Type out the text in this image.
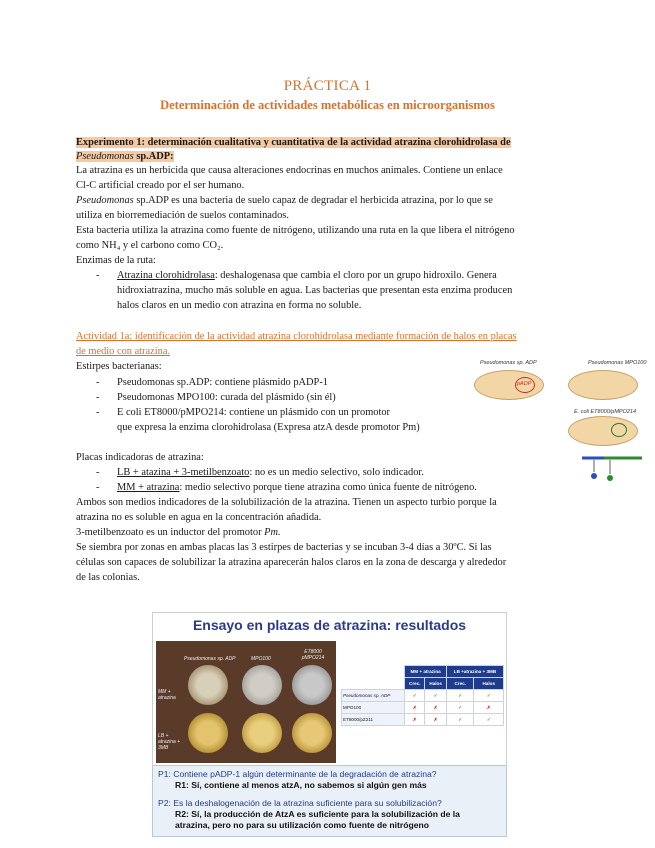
PRÁCTICA 1
Determinación de actividades metabólicas en microorganismos
Experimento 1: determinación cualitativa y cuantitativa de la actividad atrazina clorohidrolasa de
Pseudomonas sp.ADP:
La atrazina es un herbicida que causa alteraciones endocrinas en muchos animales. Contiene un enlace
Cl-C artificial creado por el ser humano.
Pseudomonas sp.ADP es una bacteria de suelo capaz de degradar el herbicida atrazina, por lo que se
utiliza en biorremediación de suelos contaminados.
Esta bacteria utiliza la atrazina como fuente de nitrógeno, utilizando una ruta en la que libera el nitrógeno
como NH₄ y el carbono como CO₂.
Enzimas de la ruta:
- Atrazina clorohidrolasa: deshalogenasa que cambia el cloro por un grupo hidroxilo. Genera
hidroxiatrazina, mucho más soluble en agua. Las bacterias que presentan esta enzima producen
halos claros en un medio con atrazina en forma no soluble.
Actividad 1a: identificación de la actividad atrazina clorohidrolasa mediante formación de halos en placas
de medio con atrazina.
Estirpes bacterianas:
- Pseudomonas sp.ADP: contiene plásmido pADP-1
- Pseudomonas MPO100: curada del plásmido (sin él)
- E coli ET8000/pMPO214: contiene un plásmido con un promotor
que expresa la enzima clorohidrolasa (Expresa atzA desde promotor Pm)
Placas indicadoras de atrazina:
- LB + atazina + 3-metilbenzoato: no es un medio selectivo, solo indicador.
- MM + atrazina: medio selectivo porque tiene atrazina como única fuente de nitrógeno.
Ambos son medios indicadores de la solubilización de la atrazina. Tienen un aspecto turbio porque la
atrazina no es soluble en agua en la concentración añadida.
3-metilbenzoato es un inductor del promotor Pm.
Se siembra por zonas en ambas placas las 3 estirpes de bacterias y se incuban 3-4 días a 30ºC. Si las
células son capaces de solubilizar la atrazina aparecerán halos claros en la zona de descarga y alrededor
de las colonias.
Pseudomonas sp. ADP	Pseudomonas MPO100
pADP
E. coli ET8000/pMPO214
Ensayo en plazas de atrazina: resultados
Pseudomonas sp. ADP	MPO100
ET8000 pMPO214
MM + atrazina
LB + atrazina + 3MB
	MM + atrazina		LB +atrazina + 3MB	
	Crec.	Halos	Crec.	Halos
Pseudomonas sp. ADP	✓	✓	✓	✓
MPO100	✗	✗	✓	✗
ET8000/pZ211	✗	✗	✓	✓
P1: Contiene pADP-1 algún determinante de la degradación de atrazina?
R1: Sí, contiene al menos atzA, no sabemos si algún gen más
P2: Es la deshalogenación de la atrazina suficiente para su solubilización?
R2: Sí, la producción de AtzA es suficiente para la solubilización de la
atrazina, pero no para su utilización como fuente de nitrógeno
